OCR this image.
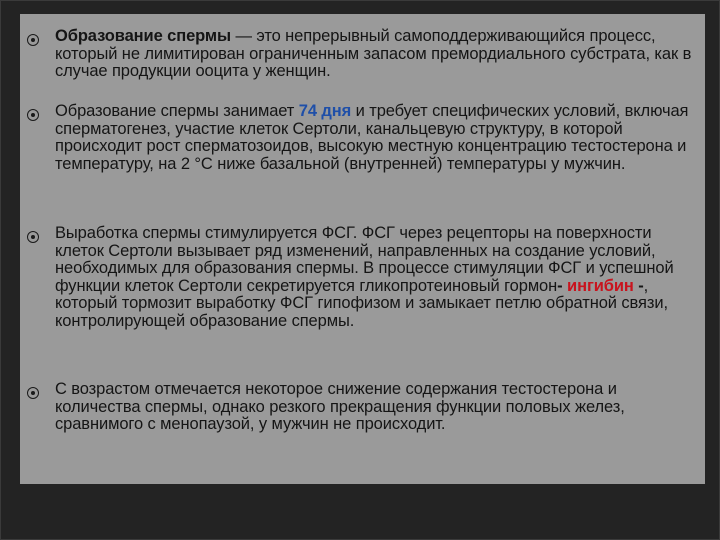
Образование спермы — это непрерывный самоподдерживающийся процесс, который не лимитирован ограниченным запасом премордиального субстрата, как в случае продукции ооцита у женщин.
Образование спермы занимает 74 дня и требует специфических условий, включая сперматогенез, участие клеток Сертоли, канальцевую структуру, в которой происходит рост сперматозоидов, высокую местную концентрацию тестостерона и температуру, на 2 °С ниже базальной (внутренней) температуры у мужчин.
Выработка спермы стимулируется ФСГ. ФСГ через рецепторы на поверхности клеток Сертоли вызывает ряд изменений, направленных на создание условий, необходимых для образования спермы. В процессе стимуляции ФСГ и успешной функции клеток Сертоли секретируется гликопротеиновый гормон- ингибин -, который тормозит выработку ФСГ гипофизом и замыкает петлю обратной связи, контролирующей образование спермы.
С возрастом отмечается некоторое снижение содержания тестостерона и количества спермы, однако резкого прекращения функции половых желез, сравнимого с менопаузой, у мужчин не происходит.
